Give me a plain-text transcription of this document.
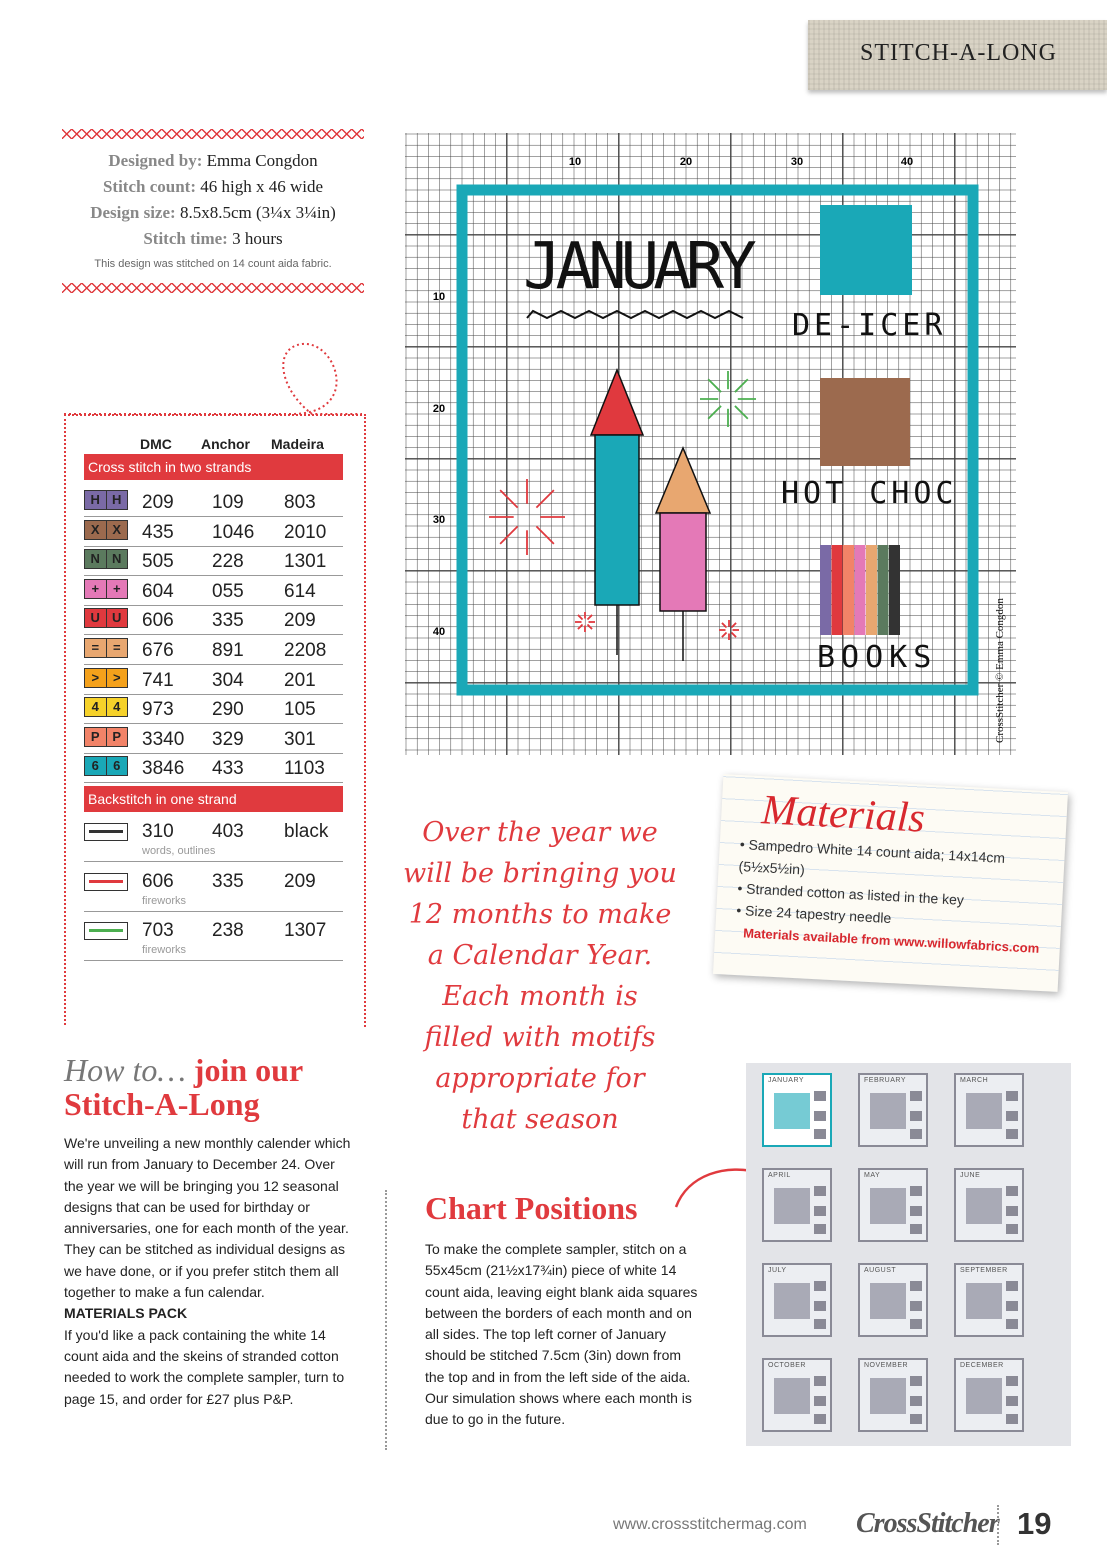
STITCH-A-LONG
Designed by: Emma Congdon
Stitch count: 46 high x 46 wide
Design size: 8.5x8.5cm (3¼x 3¼in)
Stitch time: 3 hours
This design was stitched on 14 count aida fabric.
DMC Anchor Madeira
Cross stitch in two strands
H H 209 109 803
X X	435 1046 2010
N N 505 228 1301
+	+	604 055 614
U U 606 335 209
=	=	676 891 2208
>	>	741 304 201
4	4	973 290 105
P P	3340 329 301
6	6	3846 433 1103
Backstitch in one strand
310 403 black
words, outlines
606 335 209
fireworks
703 238 1307
fireworks
10	20	30	40
10
20
30
40
JANUARY
DE-ICER
HOT CHOC
BOOKS	CrossStitcher © Emma Congdon
Over the year we
will be bringing you
12 months to make
a Calendar Year.
Each month is
filled with motifs
appropriate for
that season
Materials
• Sampedro White 14 count aida; 14x14cm (5½x5½in)
• Stranded cotton as listed in the key
• Size 24 tapestry needle
Materials available from www.willowfabrics.com
How to… join our
Stitch-A-Long
We're unveiling a new monthly calender which will run from January to December 24. Over the year we will be bringing you 12 seasonal designs that can be used for birthday or anniversaries, one for each month of the year. They can be stitched as individual designs as we have done, or if you prefer stitch them all together to make a fun calendar.
MATERIALS PACK
If you'd like a pack containing the white 14 count aida and the skeins of stranded cotton needed to work the complete sampler, turn to page 15, and order for £27 plus P&P.
Chart Positions
To make the complete sampler, stitch on a 55x45cm (21½x17¾in) piece of white 14 count aida, leaving eight blank aida squares between the borders of each month and on all sides. The top left corner of January should be stitched 7.5cm (3in) down from the top and in from the left side of the aida. Our simulation shows where each month is due to go in the future.
JANUARY	FEBRUARY	MARCH
APRIL	MAY	JUNE
JULY	AUGUST	SEPTEMBER
OCTOBER	NOVEMBER	DECEMBER
www.crossstitchermag.com CrossStitcher 19
